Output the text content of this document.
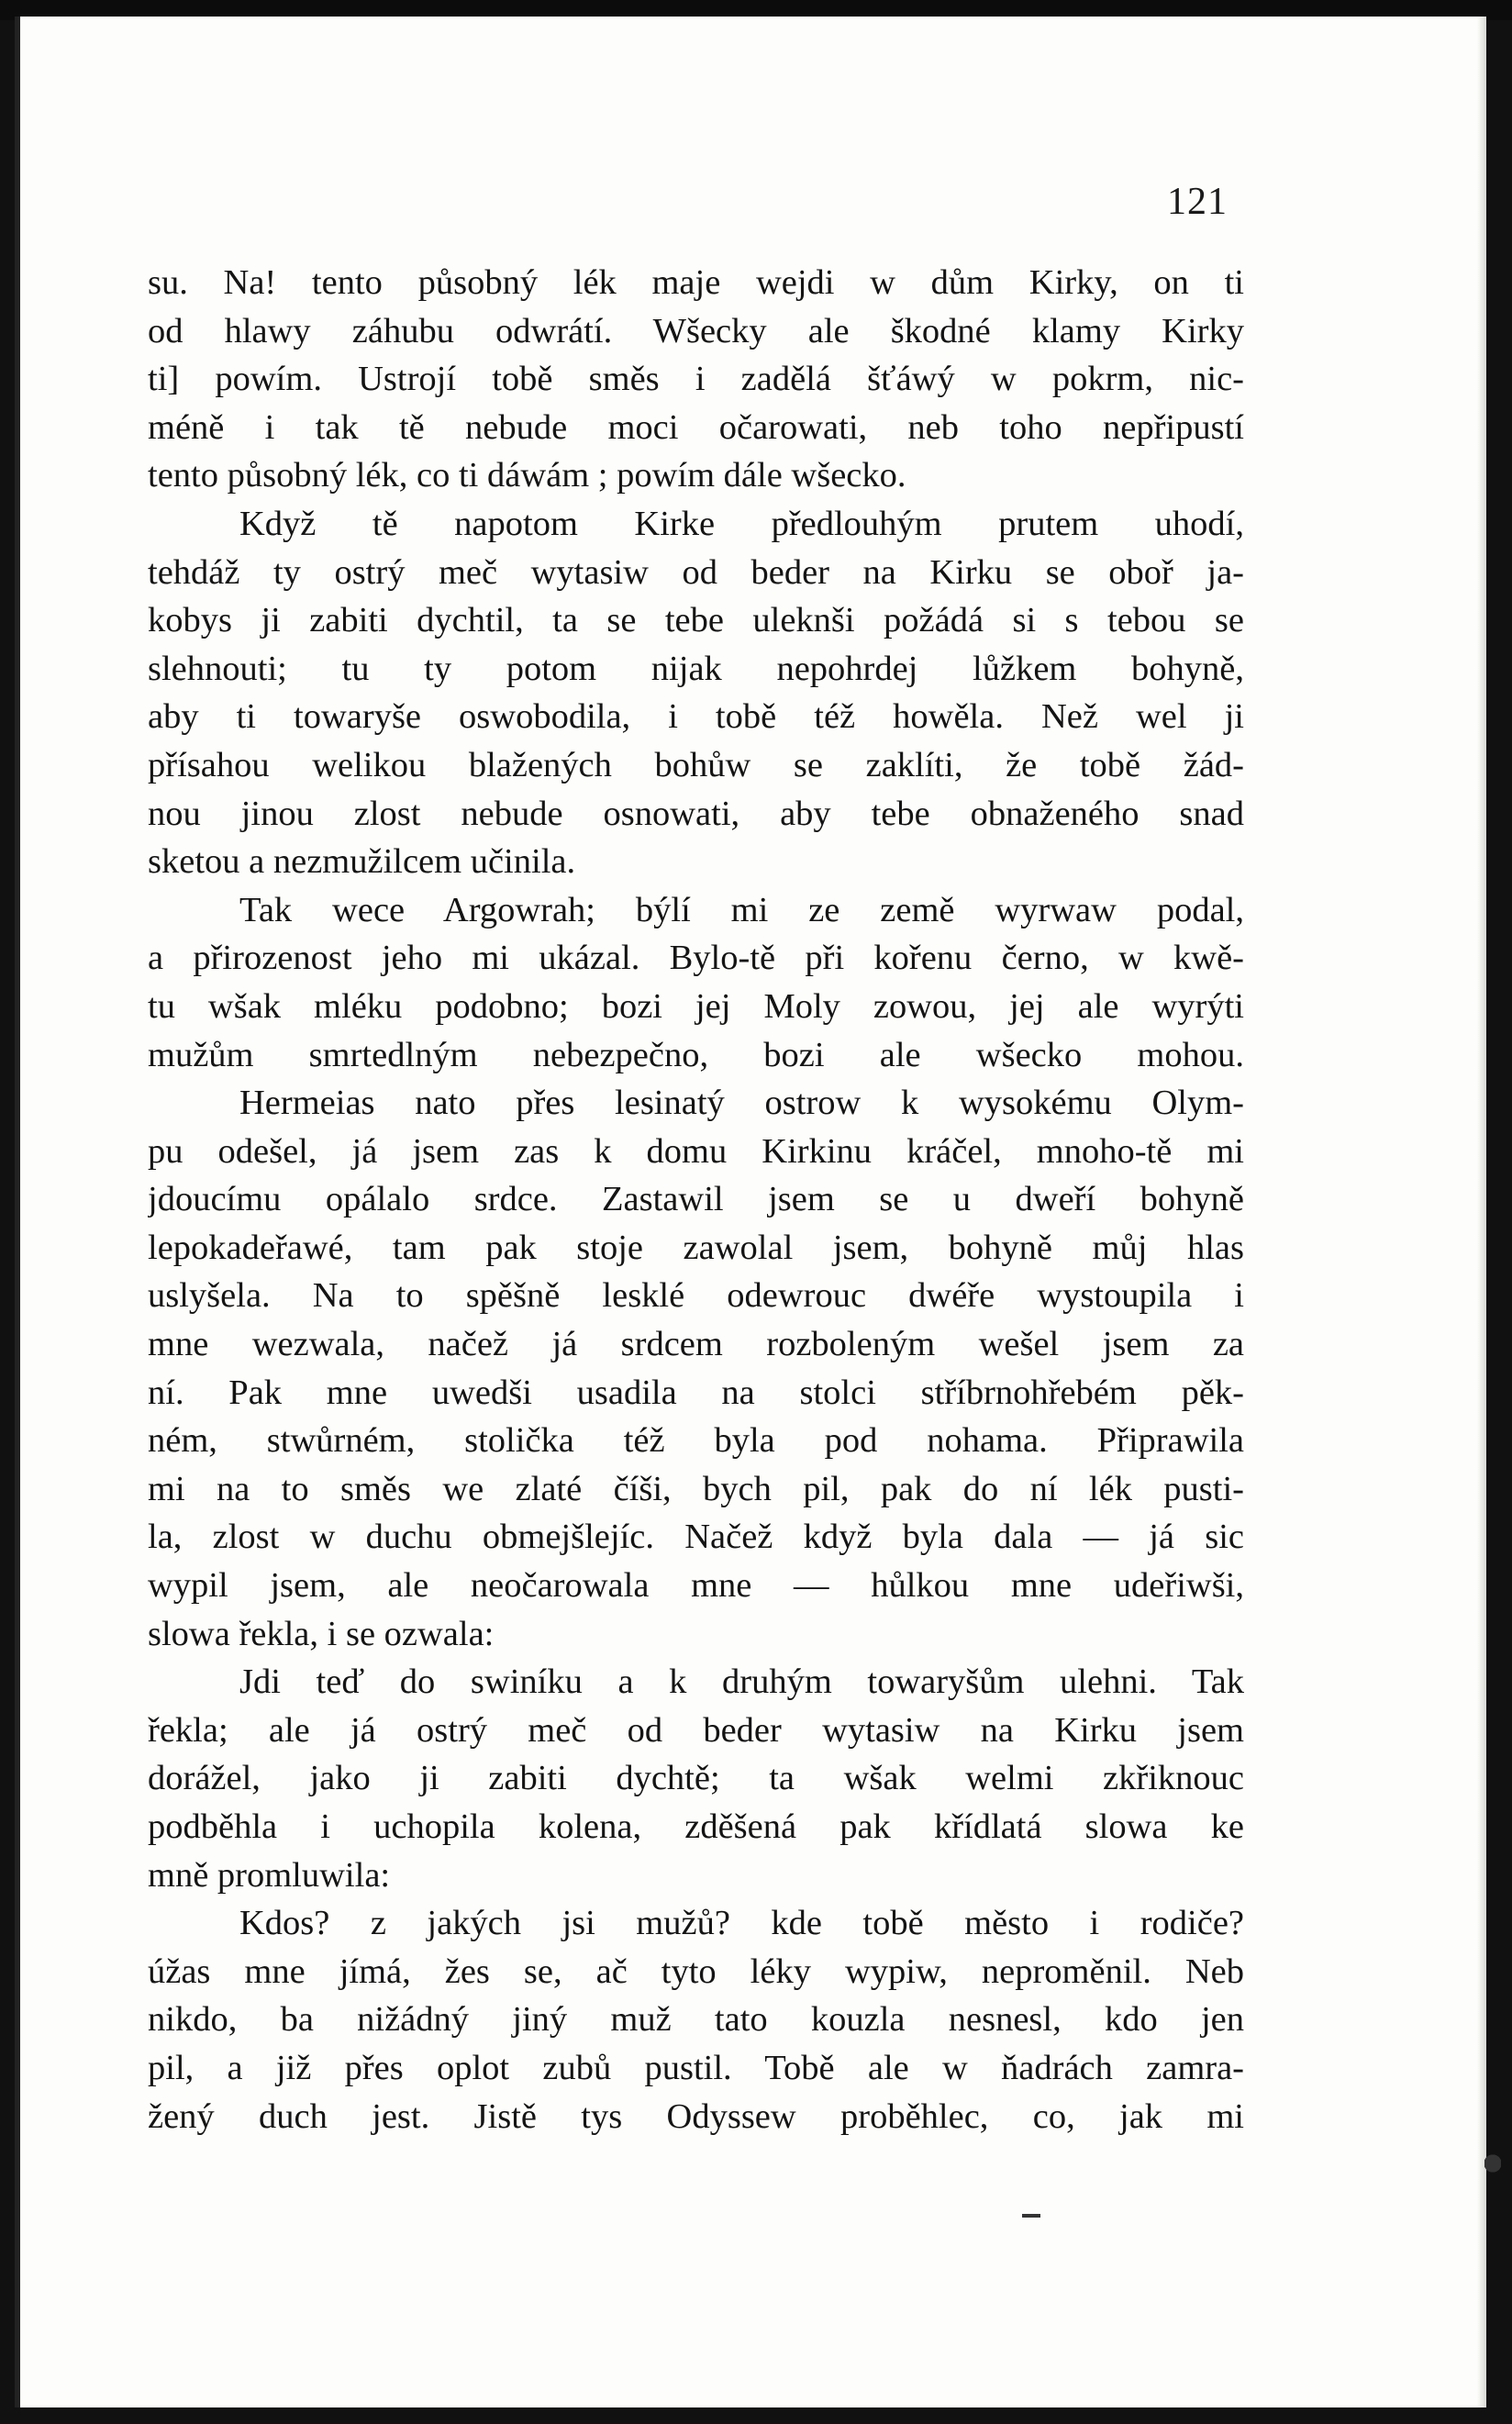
121
su. Na! tento působný lék maje wejdi w dům Kirky, on ti
od hlawy záhubu odwrátí. Wšecky ale škodné klamy Kirky
ti] powím. Ustrojí tobě směs i zadělá šťáwý w pokrm, nic-
méně i tak tě nebude moci očarowati, neb toho nepřipustí
tento působný lék, co ti dáwám ; powím dále wšecko.
Když tě napotom Kirke předlouhým prutem uhodí,
tehdáž ty ostrý meč wytasiw od beder na Kirku se oboř ja-
kobys ji zabiti dychtil, ta se tebe uleknši požádá si s tebou se
slehnouti; tu ty potom nijak nepohrdej lůžkem bohyně,
aby ti towaryše oswobodila, i tobě též howěla. Než wel ji
přísahou welikou blažených bohůw se zaklíti, že tobě žád-
nou jinou zlost nebude osnowati, aby tebe obnaženého snad
sketou a nezmužilcem učinila.
Tak wece Argowrah; býlí mi ze země wyrwaw podal,
a přirozenost jeho mi ukázal. Bylo-tě při kořenu černo, w kwě-
tu wšak mléku podobno; bozi jej Moly zowou, jej ale wyrýti
mužům smrtedlným nebezpečno, bozi ale wšecko mohou.
Hermeias nato přes lesinatý ostrow k wysokému Olym-
pu odešel, já jsem zas k domu Kirkinu kráčel, mnoho-tě mi
jdoucímu opálalo srdce. Zastawil jsem se u dweří bohyně
lepokadeřawé, tam pak stoje zawolal jsem, bohyně můj hlas
uslyšela. Na to spěšně lesklé odewrouc dwéře wystoupila i
mne wezwala, načež já srdcem rozboleným wešel jsem za
ní. Pak mne uwedši usadila na stolci stříbrnohřebém pěk-
ném, stwůrném, stolička též byla pod nohama. Připrawila
mi na to směs we zlaté číši, bych pil, pak do ní lék pusti-
la, zlost w duchu obmejšlejíc. Načež když byla dala — já sic
wypil jsem, ale neočarowala mne — hůlkou mne udeřiwši,
slowa řekla, i se ozwala:
Jdi teď do swiníku a k druhým towaryšům ulehni. Tak
řekla; ale já ostrý meč od beder wytasiw na Kirku jsem
dorážel, jako ji zabiti dychtě; ta wšak welmi zkřiknouc
podběhla i uchopila kolena, zděšená pak křídlatá slowa ke
mně promluwila:
Kdos? z jakých jsi mužů? kde tobě město i rodiče?
úžas mne jímá, žes se, ač tyto léky wypiw, neproměnil. Neb
nikdo, ba nižádný jiný muž tato kouzla nesnesl, kdo jen
pil, a již přes oplot zubů pustil. Tobě ale w ňadrách zamra-
žený duch jest. Jistě tys Odyssew proběhlec, co, jak mi
